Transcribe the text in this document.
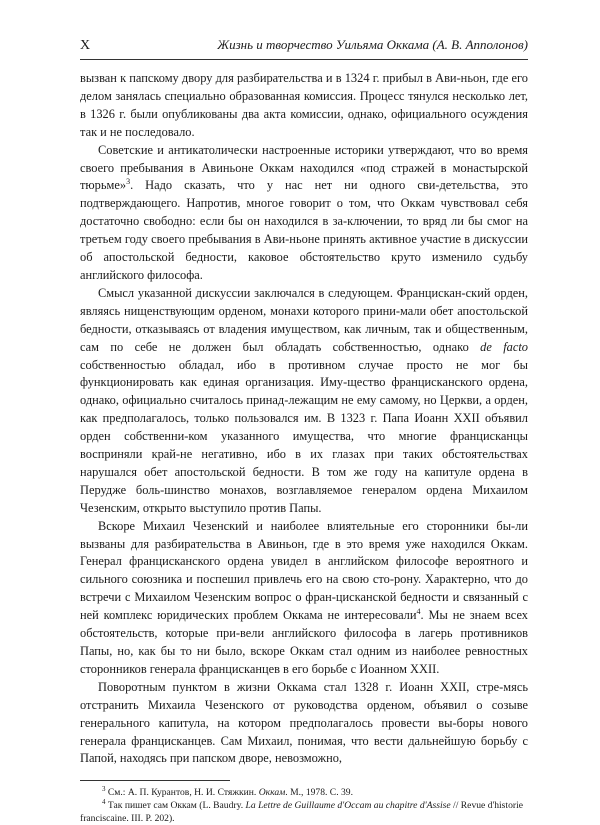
X	Жизнь и творчество Уильяма Оккама (А. В. Апполонов)

вызван к папскому двору для разбирательства и в 1324 г. прибыл в Ави-ньон, где его делом занялась специально образованная комиссия. Процесс тянулся несколько лет, в 1326 г. были опубликованы два акта комиссии, однако, официального осуждения так и не последовало.

Советские и антикатолически настроенные историки утверждают, что во время своего пребывания в Авиньоне Оккам находился «под стражей в монастырской тюрьме»$^3$. Надо сказать, что у нас нет ни одного сви-детельства, это подтверждающего. Напротив, многое говорит о том, что Оккам чувствовал себя достаточно свободно: если бы он находился в за-ключении, то вряд ли бы смог на третьем году своего пребывания в Ави-ньоне принять активное участие в дискуссии об апостольской бедности, каковое обстоятельство круто изменило судьбу английского философа.

Смысл указанной дискуссии заключался в следующем. Францискан-ский орден, являясь нищенствующим орденом, монахи которого прини-мали обет апостольской бедности, отказываясь от владения имуществом, как личным, так и общественным, сам по себе не должен был обладать собственностью, однако de facto собственностью обладал, ибо в противном случае просто не мог бы функционировать как единая организация. Иму-щество францисканского ордена, однако, официально считалось принад-лежащим не ему самому, но Церкви, а орден, как предполагалось, только пользовался им. В 1323 г. Папа Иоанн XXII объявил орден собственни-ком указанного имущества, что многие францисканцы восприняли край-не негативно, ибо в их глазах при таких обстоятельствах нарушался обет апостольской бедности. В том же году на капитуле ордена в Перудже боль-шинство монахов, возглавляемое генералом ордена Михаилом Чезенским, открыто выступило против Папы.

Вскоре Михаил Чезенский и наиболее влиятельные его сторонники бы-ли вызваны для разбирательства в Авиньон, где в это время уже находился Оккам. Генерал францисканского ордена увидел в английском философе вероятного и сильного союзника и поспешил привлечь его на свою сто-рону. Характерно, что до встречи с Михаилом Чезенским вопрос о фран-цисканской бедности и связанный с ней комплекс юридических проблем Оккама не интересовали$^4$. Мы не знаем всех обстоятельств, которые при-вели английского философа в лагерь противников Папы, но, как бы то ни было, вскоре Оккам стал одним из наиболее ревностных сторонников генерала францисканцев в его борьбе с Иоанном XXII.

Поворотным пунктом в жизни Оккама стал 1328 г. Иоанн XXII, стре-мясь отстранить Михаила Чезенского от руководства орденом, объявил о созыве генерального капитула, на котором предполагалось провести вы-боры нового генерала францисканцев. Сам Михаил, понимая, что вести дальнейшую борьбу с Папой, находясь при папском дворе, невозможно,

$^3$ См.: А. П. Курантов, Н. И. Стяжкин. Оккам. М., 1978. С. 39.

$^4$ Так пишет сам Оккам (L. Baudry. La Lettre de Guillaume d'Occam au chapitre d'Assise // Revue d'historie franciscaine. III. P. 202).
